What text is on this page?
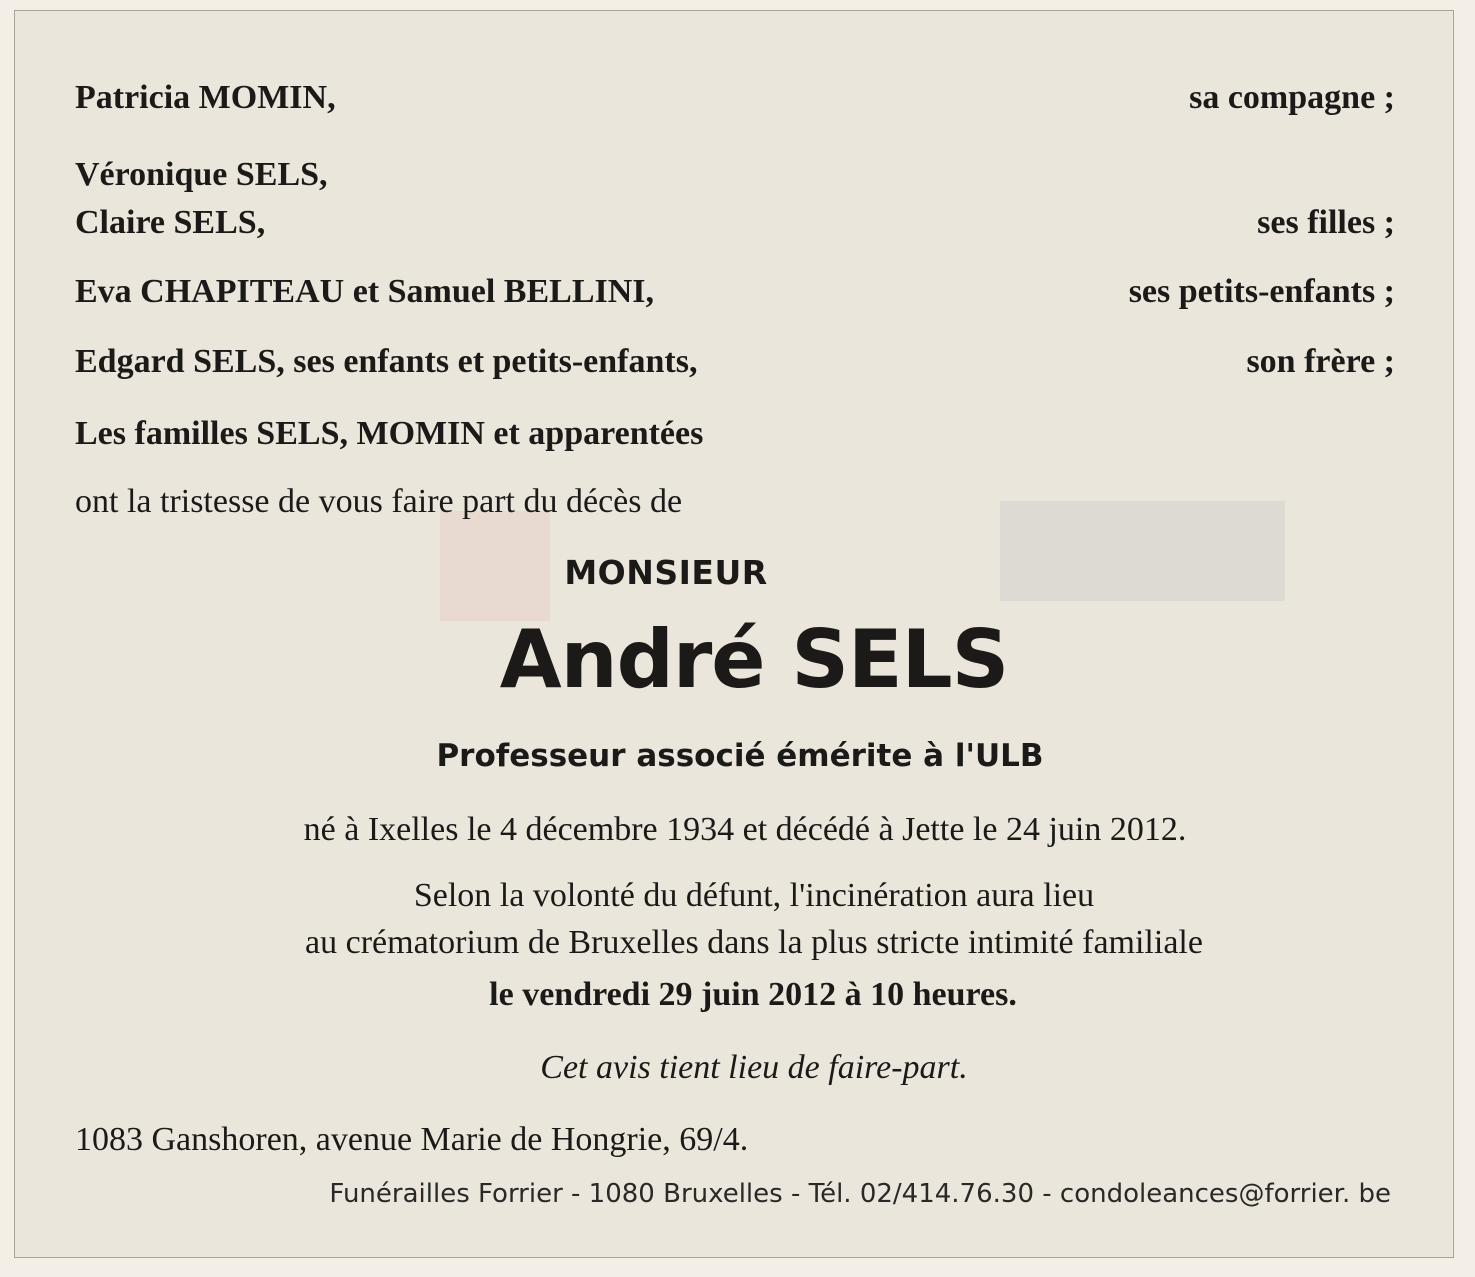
Patricia MOMIN,	sa compagne ;
Véronique SELS,
Claire SELS,	ses filles ;
Eva CHAPITEAU et Samuel BELLINI,	ses petits-enfants ;
Edgard SELS, ses enfants et petits-enfants,	son frère ;
Les familles SELS, MOMIN et apparentées
ont la tristesse de vous faire part du décès de
MONSIEUR
André SELS
Professeur associé émérite à l'ULB
né à Ixelles le 4 décembre 1934 et décédé à Jette le 24 juin 2012.
Selon la volonté du défunt, l'incinération aura lieu
au crématorium de Bruxelles dans la plus stricte intimité familiale
le vendredi 29 juin 2012 à 10 heures.
Cet avis tient lieu de faire-part.
1083 Ganshoren, avenue Marie de Hongrie, 69/4.
Funérailles Forrier - 1080 Bruxelles - Tél. 02/414.76.30 - condoleances@forrier. be
